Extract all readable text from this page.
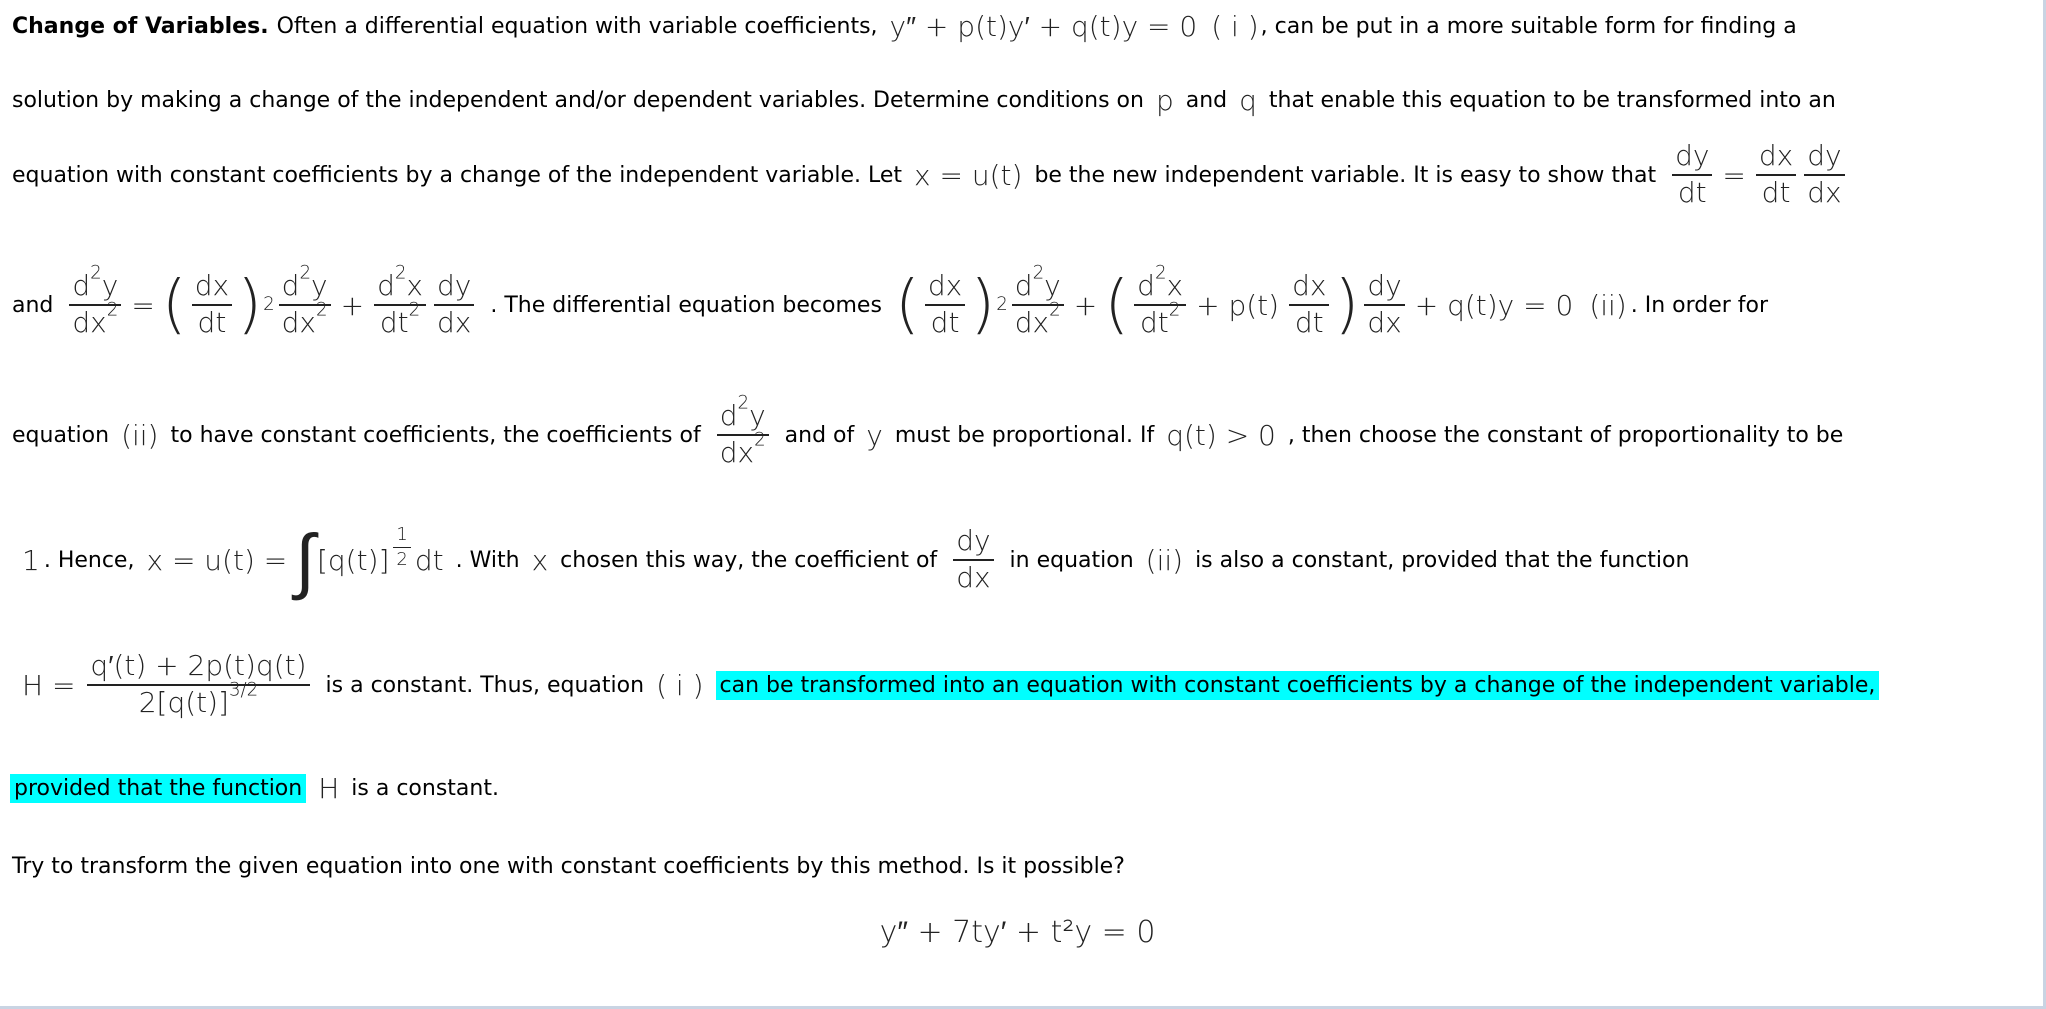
Change of Variables. Often a differential equation with variable coefficients, y″ + p(t)y′ + q(t)y = 0 ( i ) , can be put in a more suitable form for finding a
solution by making a change of the independent and/or dependent variables. Determine conditions on p and q that enable this equation to be transformed into an
equation with constant coefficients by a change of the independent variable. Let x = u(t) be the new independent variable. It is easy to show that $\frac{dy}{dt} = \frac{dx}{dt} \frac{dy}{dx}$
and $\frac{d^2y}{dx^2}$ = ( $\frac{dx}{dt}$ ) $2 \frac{d^2y}{dx^2} + \frac{d^2x}{dt^2} \frac{dy}{dx}$ . The differential equation becomes ( $\frac{dx}{dt}$ ) $2 \frac{d^2y}{dx^2}$ + ( $\frac{d^2x}{dt^2} + p(t) \frac{dx}{dt}$ ) $\frac{dy}{dx} + q(t)y = 0$ (ii) . In order for
equation (ii) to have constant coefficients, the coefficients of $\frac{d^2y}{dx^2}$ and of y must be proportional. If q(t) > 0 , then choose the constant of proportionality to be
1 . Hence, x = u(t) = ∫ $[q(t)] \frac{1}{2}$ dt . With x chosen this way, the coefficient of $\frac{dy}{dx}$ in equation (ii) is also a constant, provided that the function
$H = \frac{q'(t) + 2p(t)q(t)}{2[q(t)]^{3/2}}$ is a constant. Thus, equation ( i ) can be transformed into an equation with constant coefficients by a change of the independent variable,
provided that the function H is a constant.
Try to transform the given equation into one with constant coefficients by this method. Is it possible?
y″ + 7ty′ + t²y = 0
